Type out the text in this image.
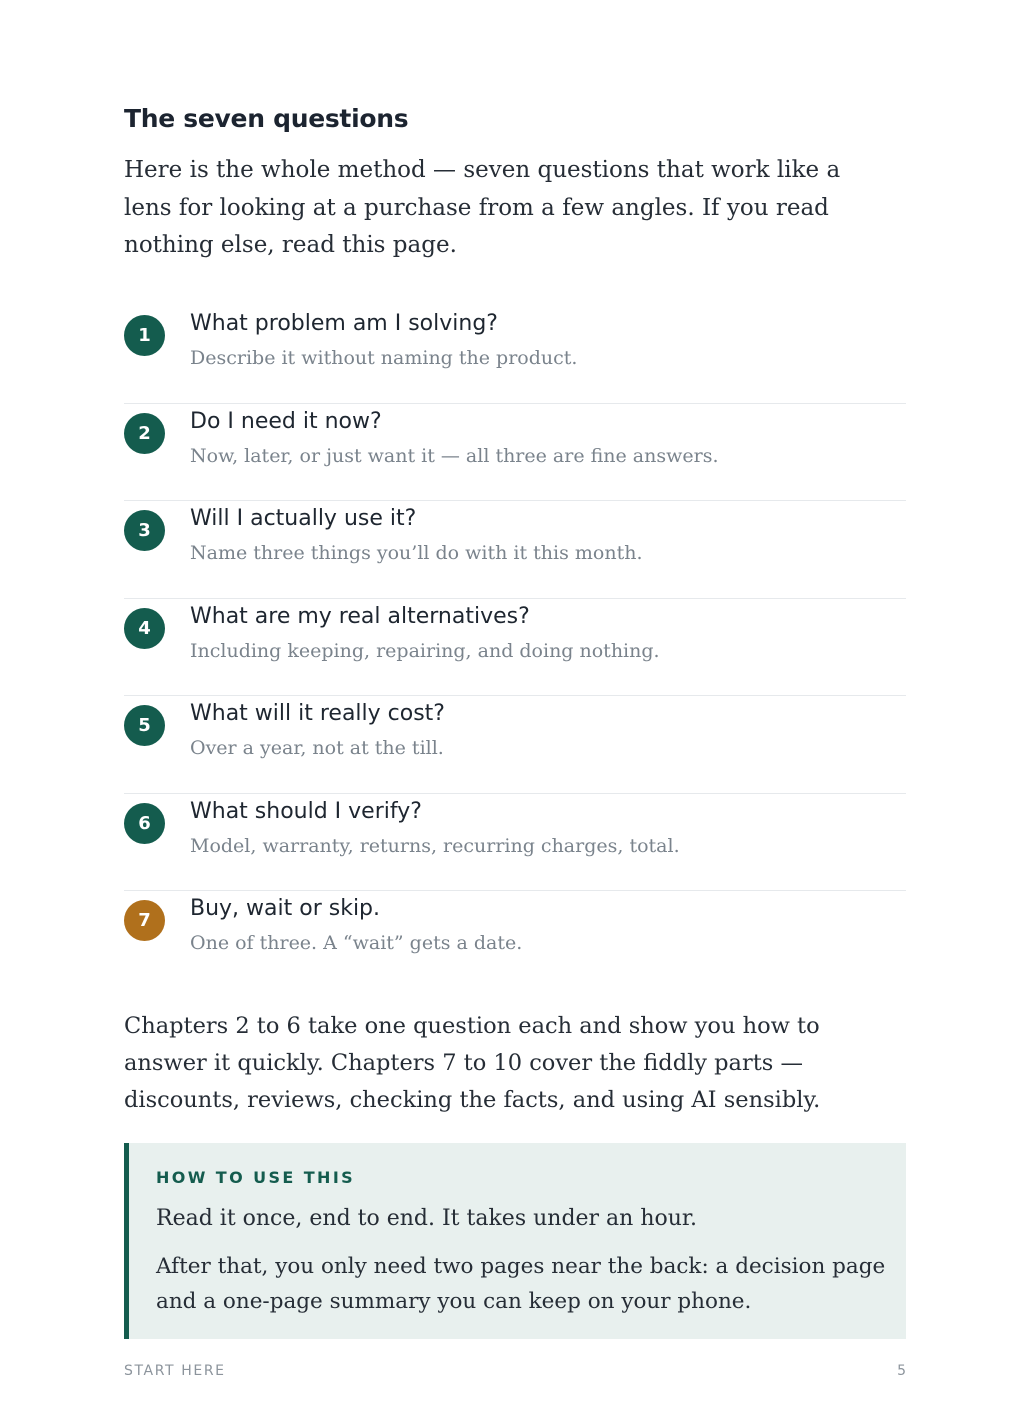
The seven questions

Here is the whole method — seven questions that work like a lens for looking at a purchase from a few angles. If you read nothing else, read this page.

1	What problem am I solving?

Describe it without naming the product.

2	Do I need it now?

Now, later, or just want it — all three are fine answers.

3	Will I actually use it?

Name three things you’ll do with it this month.

4	What are my real alternatives?

Including keeping, repairing, and doing nothing.

5	What will it really cost?

Over a year, not at the till.

6	What should I verify?

Model, warranty, returns, recurring charges, total.

7	Buy, wait or skip.

One of three. A “wait” gets a date.

Chapters 2 to 6 take one question each and show you how to answer it quickly. Chapters 7 to 10 cover the fiddly parts — discounts, reviews, checking the facts, and using AI sensibly.

HOW TO USE THIS

Read it once, end to end. It takes under an hour.

After that, you only need two pages near the back: a decision page and a one-page summary you can keep on your phone.

START HERE	5
